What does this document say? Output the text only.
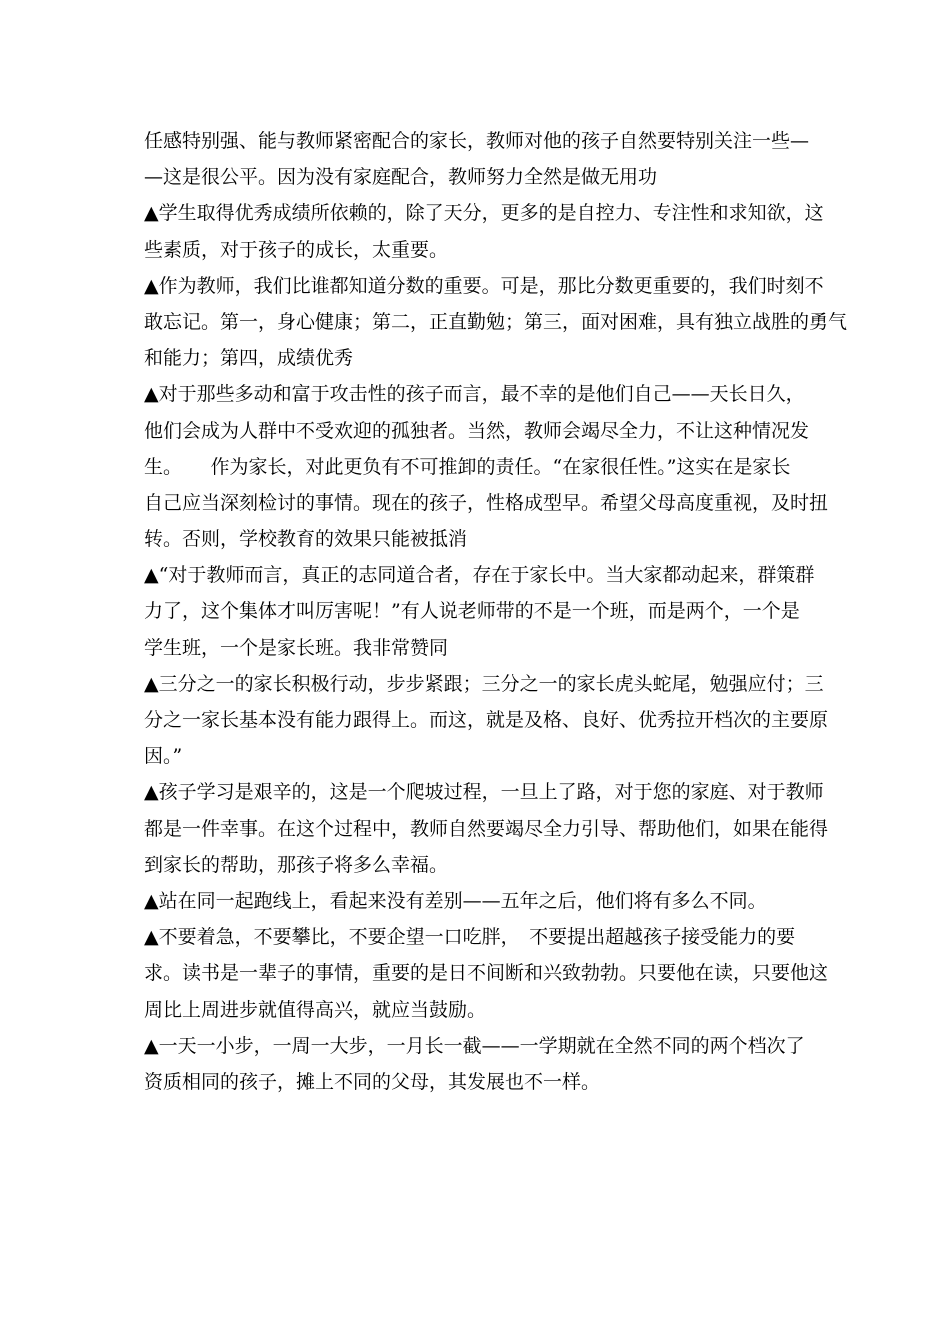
任感特别强、能与教师紧密配合的家长，教师对他的孩子自然要特别关注一些—
—这是很公平。因为没有家庭配合，教师努力全然是做无用功
▲学生取得优秀成绩所依赖的，除了天分，更多的是自控力、专注性和求知欲，这
些素质，对于孩子的成长，太重要。
▲作为教师，我们比谁都知道分数的重要。可是，那比分数更重要的，我们时刻不
敢忘记。第一，身心健康；第二，正直勤勉；第三，面对困难，具有独立战胜的勇气
和能力；第四，成绩优秀
▲对于那些多动和富于攻击性的孩子而言，最不幸的是他们自己——天长日久，
他们会成为人群中不受欢迎的孤独者。当然，教师会竭尽全力，不让这种情况发
生。　　作为家长，对此更负有不可推卸的责任。“在家很任性。”这实在是家长
自己应当深刻检讨的事情。现在的孩子，性格成型早。希望父母高度重视，及时扭
转。否则，学校教育的效果只能被抵消
▲“对于教师而言，真正的志同道合者，存在于家长中。当大家都动起来，群策群
力了，这个集体才叫厉害呢！”有人说老师带的不是一个班，而是两个，一个是
学生班，一个是家长班。我非常赞同
▲三分之一的家长积极行动，步步紧跟；三分之一的家长虎头蛇尾，勉强应付；三
分之一家长基本没有能力跟得上。而这，就是及格、良好、优秀拉开档次的主要原
因。”
▲孩子学习是艰辛的，这是一个爬坡过程，一旦上了路，对于您的家庭、对于教师
都是一件幸事。在这个过程中，教师自然要竭尽全力引导、帮助他们，如果在能得
到家长的帮助，那孩子将多么幸福。
▲站在同一起跑线上，看起来没有差别——五年之后，他们将有多么不同。
▲不要着急，不要攀比，不要企望一口吃胖，　不要提出超越孩子接受能力的要
求。读书是一辈子的事情，重要的是日不间断和兴致勃勃。只要他在读，只要他这
周比上周进步就值得高兴，就应当鼓励。
▲一天一小步，一周一大步，一月长一截——一学期就在全然不同的两个档次了
资质相同的孩子，摊上不同的父母，其发展也不一样。
